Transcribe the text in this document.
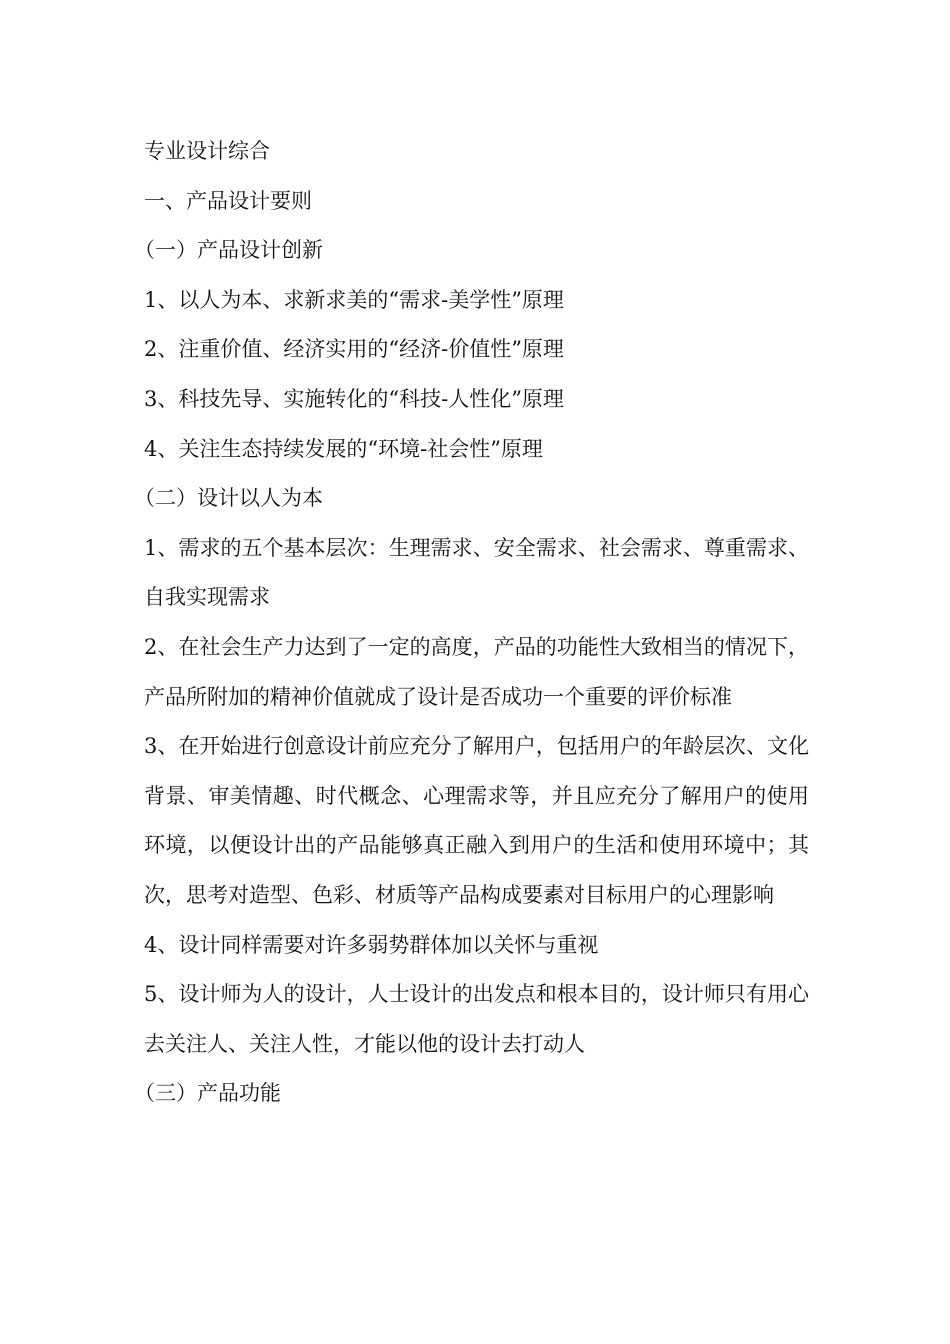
专业设计综合

一、产品设计要则

（一）产品设计创新

1、以人为本、求新求美的“需求-美学性”原理

2、注重价值、经济实用的“经济-价值性”原理

3、科技先导、实施转化的“科技-人性化”原理

4、关注生态持续发展的“环境-社会性”原理

（二）设计以人为本

1、需求的五个基本层次：生理需求、安全需求、社会需求、尊重需求、自我实现需求

2、在社会生产力达到了一定的高度，产品的功能性大致相当的情况下，产品所附加的精神价值就成了设计是否成功一个重要的评价标准

3、在开始进行创意设计前应充分了解用户，包括用户的年龄层次、文化背景、审美情趣、时代概念、心理需求等，并且应充分了解用户的使用环境，以便设计出的产品能够真正融入到用户的生活和使用环境中；其次，思考对造型、色彩、材质等产品构成要素对目标用户的心理影响

4、设计同样需要对许多弱势群体加以关怀与重视

5、设计师为人的设计，人士设计的出发点和根本目的，设计师只有用心去关注人、关注人性，才能以他的设计去打动人

（三）产品功能
